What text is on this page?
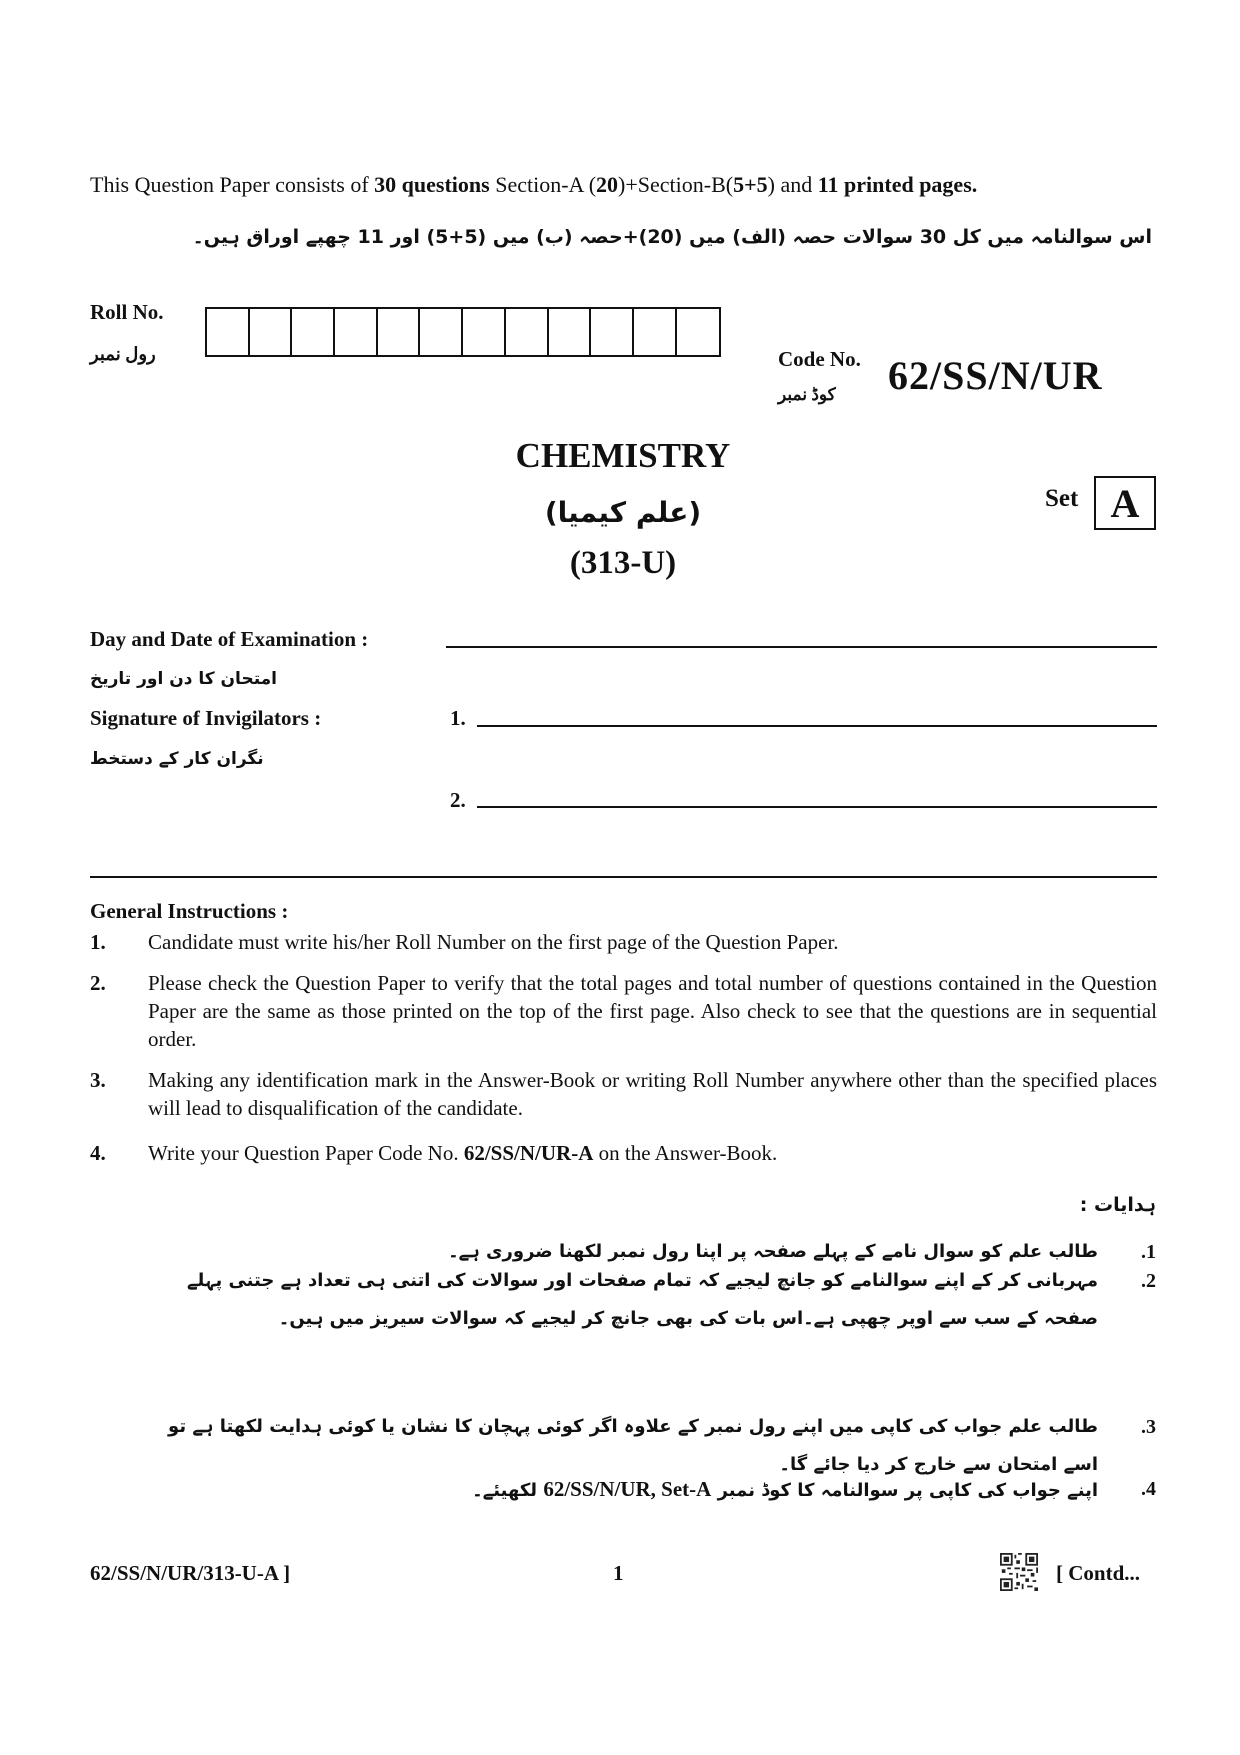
This Question Paper consists of 30 questions Section-A (20)+Section-B(5+5) and 11 printed pages.
اس سوالنامہ میں کل 30 سوالات حصہ (الف) میں (20)+حصہ (ب) میں (5+5) اور 11 چھپے اوراق ہیں۔
Roll No.
رول نمبر	Code No.
کوڈ نمبر 62/SS/N/UR
CHEMISTRY
(علم کیمیا)
(313-U)
Set A
Day and Date of Examination :
امتحان کا دن اور تاریخ
Signature of Invigilators :	1.
نگران کار کے دستخط
2.
General Instructions :
1. Candidate must write his/her Roll Number on the first page of the Question Paper.
2. Please check the Question Paper to verify that the total pages and total number of questions contained in the Question Paper are the same as those printed on the top of the first page. Also check to see that the questions are in sequential order.
3. Making any identification mark in the Answer-Book or writing Roll Number anywhere other than the specified places will lead to disqualification of the candidate.
4. Write your Question Paper Code No. 62/SS/N/UR-A on the Answer-Book.
ہدایات :
.1
طالب علم کو سوال نامے کے پہلے صفحہ پر اپنا رول نمبر لکھنا ضروری ہے۔
.2
مہربانی کر کے اپنے سوالنامے کو جانچ لیجیے کہ تمام صفحات اور سوالات کی اتنی ہی تعداد ہے جتنی پہلے صفحہ کے سب سے اوپر چھپی ہے۔اس بات کی بھی جانچ کر لیجیے کہ سوالات سیریز میں ہیں۔
.3
طالب علم جواب کی کاپی میں اپنے رول نمبر کے علاوہ اگر کوئی پہچان کا نشان یا کوئی ہدایت لکھتا ہے تو اسے امتحان سے خارج کر دیا جائے گا۔
.4
اپنے جواب کی کاپی پر سوالنامہ کا کوڈ نمبر 62/SS/N/UR, Set-A لکھیئے۔
62/SS/N/UR/313-U-A ]	1	[ Contd...
